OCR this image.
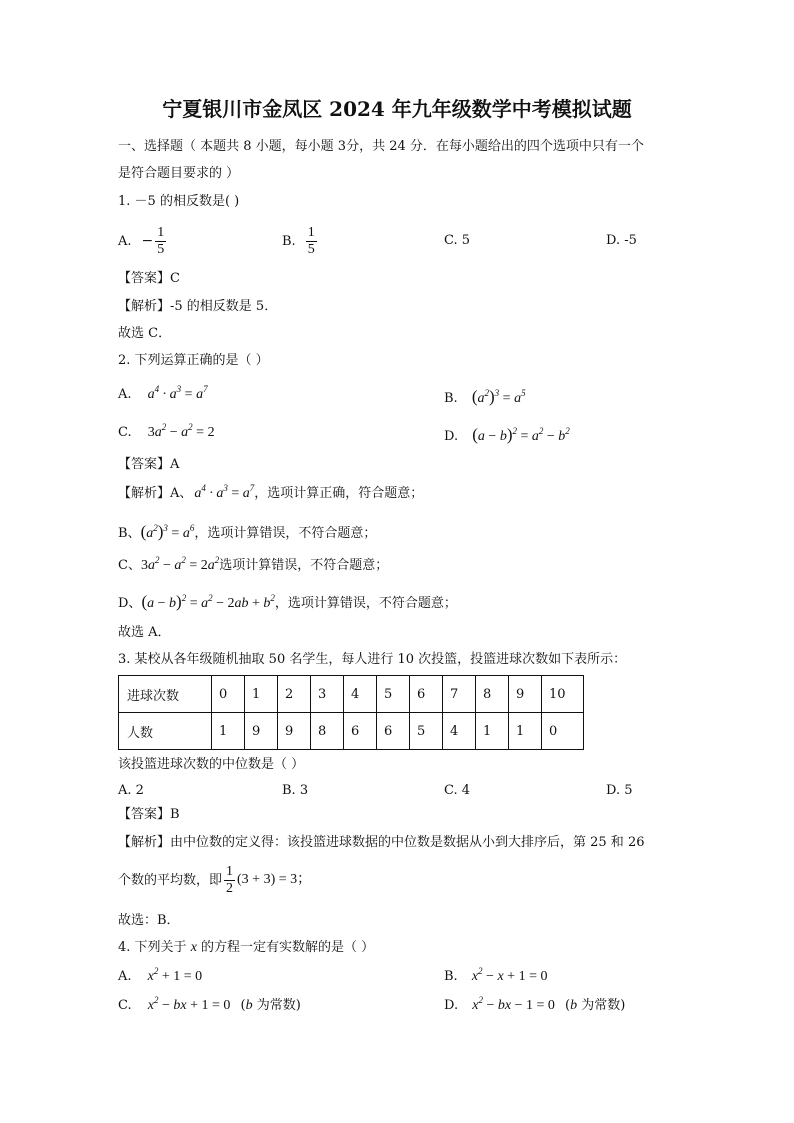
宁夏银川市金凤区 2024 年九年级数学中考模拟试题
一、选择题（ 本题共 8 小题，每小题 3分，共 24 分．在每小题给出的四个选项中只有一个
是符合题目要求的 ）
1. －5 的相反数是( )
A. − $\frac{1}{5}$	B. $\frac{1}{5}$	C. 5	D. -5
【答案】C
【解析】-5 的相反数是 5．
故选 C．
2. 下列运算正确的是（ ）
A. $a^4 \cdot a^3 = a^7$
B. $(a^2)^3 = a^5$
C. $3a^2 - a^2 = 2$	D. $(a - b)^2 = a^2 - b^2$
【答案】A
【解析】A、 $a^4 \cdot a^3 = a^7$，选项计算正确，符合题意；
B、$(a^2)^3 = a^6$，选项计算错误，不符合题意；
C、$3a^2 - a^2 = 2a^2$选项计算错误，不符合题意；
D、$(a - b)^2 = a^2 - 2ab + b^2$，选项计算错误，不符合题意；
故选 A．
3. 某校从各年级随机抽取 50 名学生，每人进行 10 次投篮，投篮进球次数如下表所示：
进球次数	0	1	2	3	4	5	6	7	8	9	10
人数	1	9	9	8	6	6	5	4	1	1	0
该投篮进球次数的中位数是（ ）
A. 2	B. 3	C. 4	D. 5
【答案】B
【解析】由中位数的定义得：该投篮进球数据的中位数是数据从小到大排序后，第 25 和 26
个数的平均数，即 $\frac{1}{2} (3 + 3) = 3$；
故选：B．
4. 下列关于 x 的方程一定有实数解的是（ ）
A. $x^2 + 1 = 0$	B. $x^2 - x + 1 = 0$
C. $x^2$ − bx + 1 = 0 (b 为常数)	D. $x^2$ − bx − 1 = 0 (b 为常数)
